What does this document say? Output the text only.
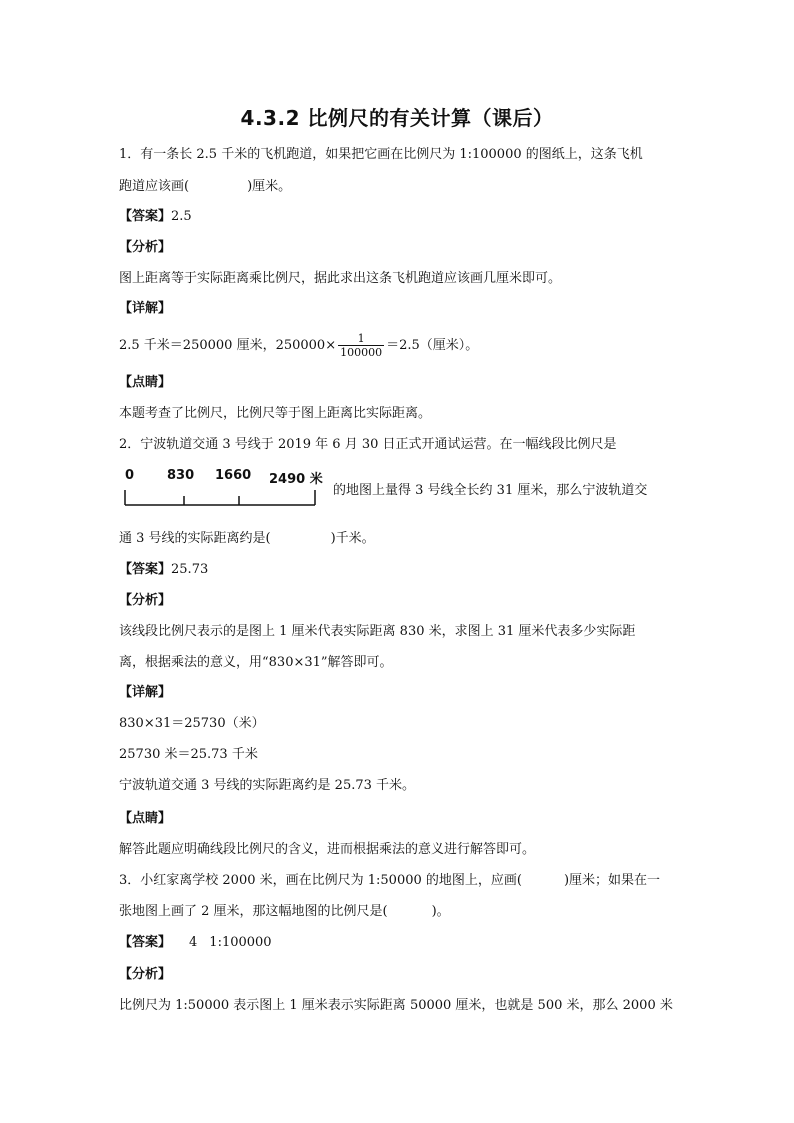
4.3.2 比例尺的有关计算（课后）
1．有一条长 2.5 千米的飞机跑道，如果把它画在比例尺为 1:100000 的图纸上，这条飞机
跑道应该画(	)厘米。
【答案】2.5
【分析】
图上距离等于实际距离乘比例尺，据此求出这条飞机跑道应该画几厘米即可。
【详解】
2.5 千米＝250000 厘米，$250000\times \frac{1}{100000} =2.5$（厘米）。
【点睛】
本题考查了比例尺，比例尺等于图上距离比实际距离。
2．宁波轨道交通 3 号线于 2019 年 6 月 30 日正式开通试运营。在一幅线段比例尺是
0	830 1660 2490 米
的地图上量得 3 号线全长约 31 厘米，那么宁波轨道交
通 3 号线的实际距离约是(	)千米。
【答案】25.73
【分析】
该线段比例尺表示的是图上 1 厘米代表实际距离 830 米，求图上 31 厘米代表多少实际距
离，根据乘法的意义，用“830×31”解答即可。
【详解】
830×31＝25730（米）
25730 米＝25.73 千米
宁波轨道交通 3 号线的实际距离约是 25.73 千米。
【点睛】
解答此题应明确线段比例尺的含义，进而根据乘法的意义进行解答即可。
3．小红家离学校 2000 米，画在比例尺为 1:50000 的地图上，应画(	)厘米；如果在一
张地图上画了 2 厘米，那这幅地图的比例尺是(	)。
【答案】 4 1:100000
【分析】
比例尺为 1:50000 表示图上 1 厘米表示实际距离 50000 厘米，也就是 500 米，那么 2000 米
